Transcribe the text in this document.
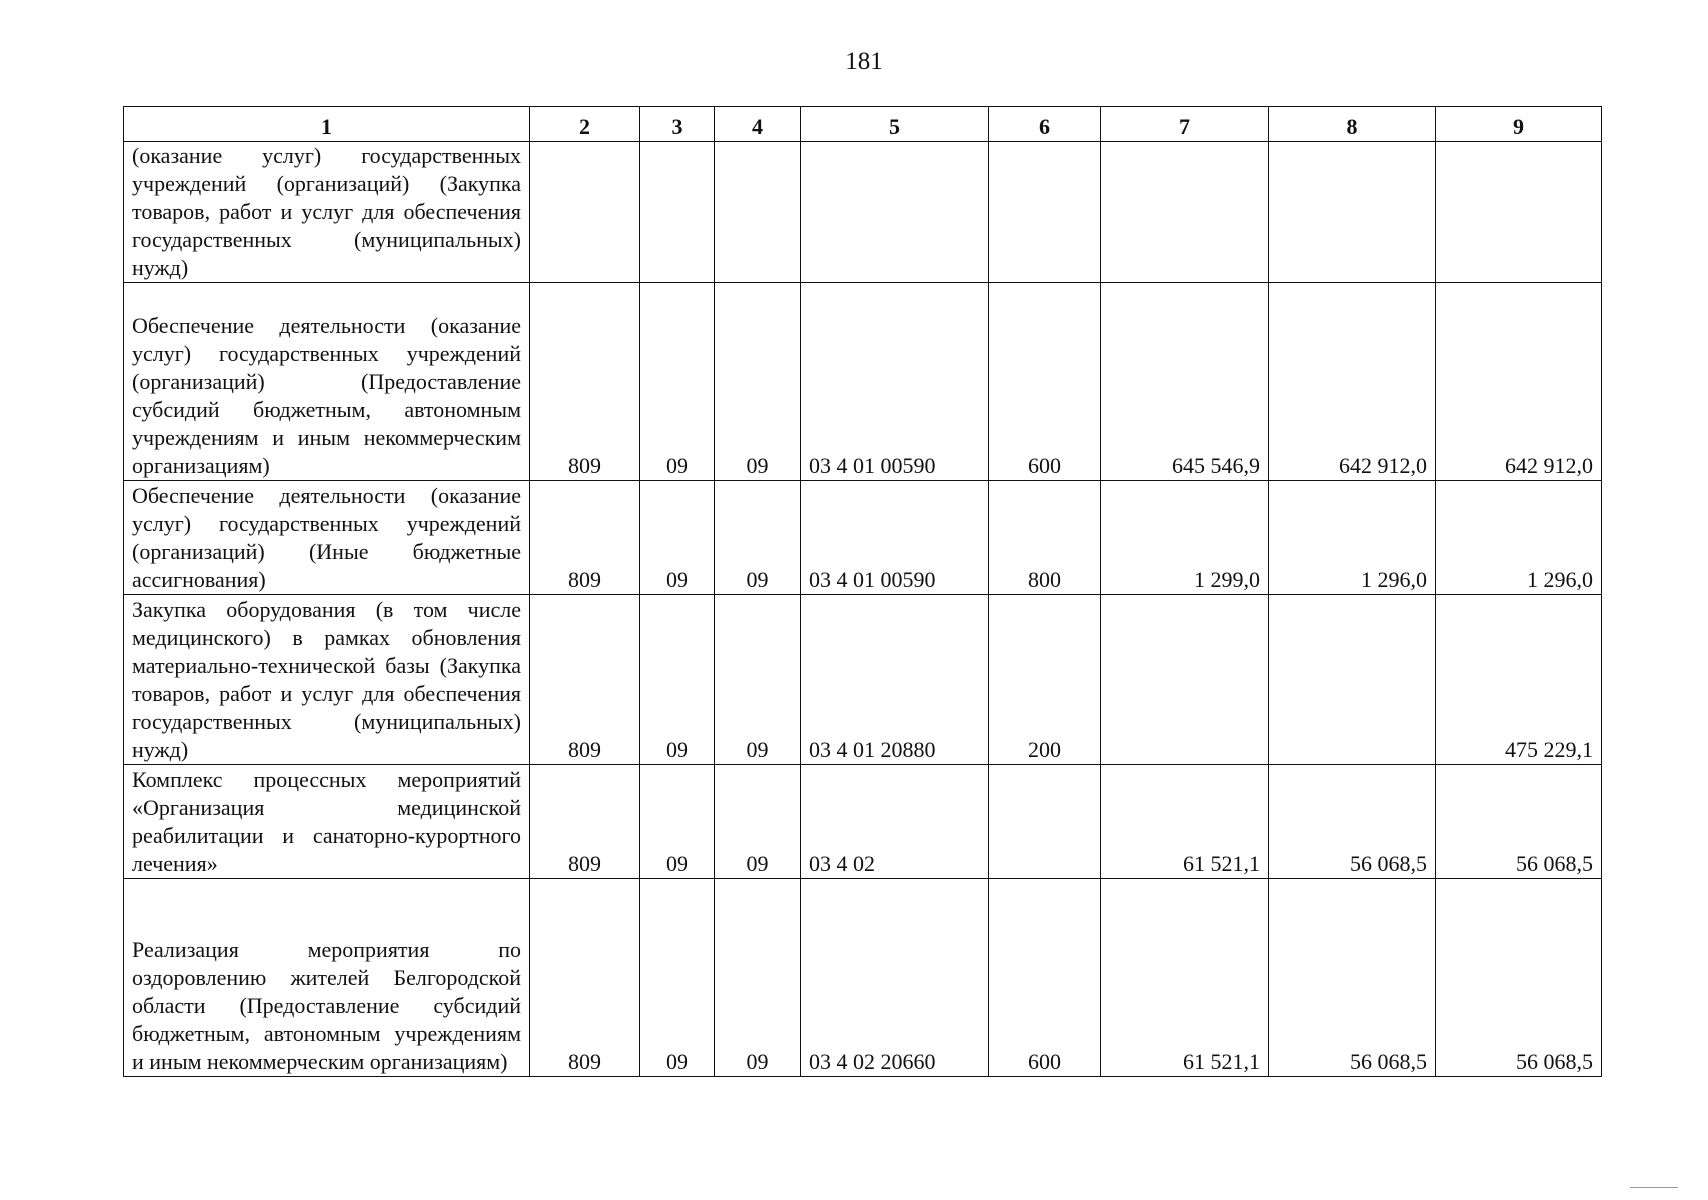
181
1	2	3	4	5	6	7	8	9
(оказание услуг) государственных учреждений (организаций) (Закупка товаров, работ и услуг для обеспечения государственных (муниципальных) нужд)								
Обеспечение деятельности (оказание услуг) государственных учреждений (организаций) (Предоставление субсидий бюджетным, автономным учреждениям и иным некоммерческим организациям)	809	09	09	03 4 01 00590	600	645 546,9	642 912,0	642 912,0
Обеспечение деятельности (оказание услуг) государственных учреждений (организаций) (Иные бюджетные ассигнования)	809	09	09	03 4 01 00590	800	1 299,0	1 296,0	1 296,0
Закупка оборудования (в том числе медицинского) в рамках обновления материально-технической базы (Закупка товаров, работ и услуг для обеспечения государственных (муниципальных) нужд)	809	09	09	03 4 01 20880	200			475 229,1
Комплекс процессных мероприятий «Организация медицинской реабилитации и санаторно-курортного лечения»	809	09	09	03 4 02		61 521,1	56 068,5	56 068,5
Реализация мероприятия по оздоровлению жителей Белгородской области (Предоставление субсидий бюджетным, автономным учреждениям и иным некоммерческим организациям)	809	09	09	03 4 02 20660	600	61 521,1	56 068,5	56 068,5
